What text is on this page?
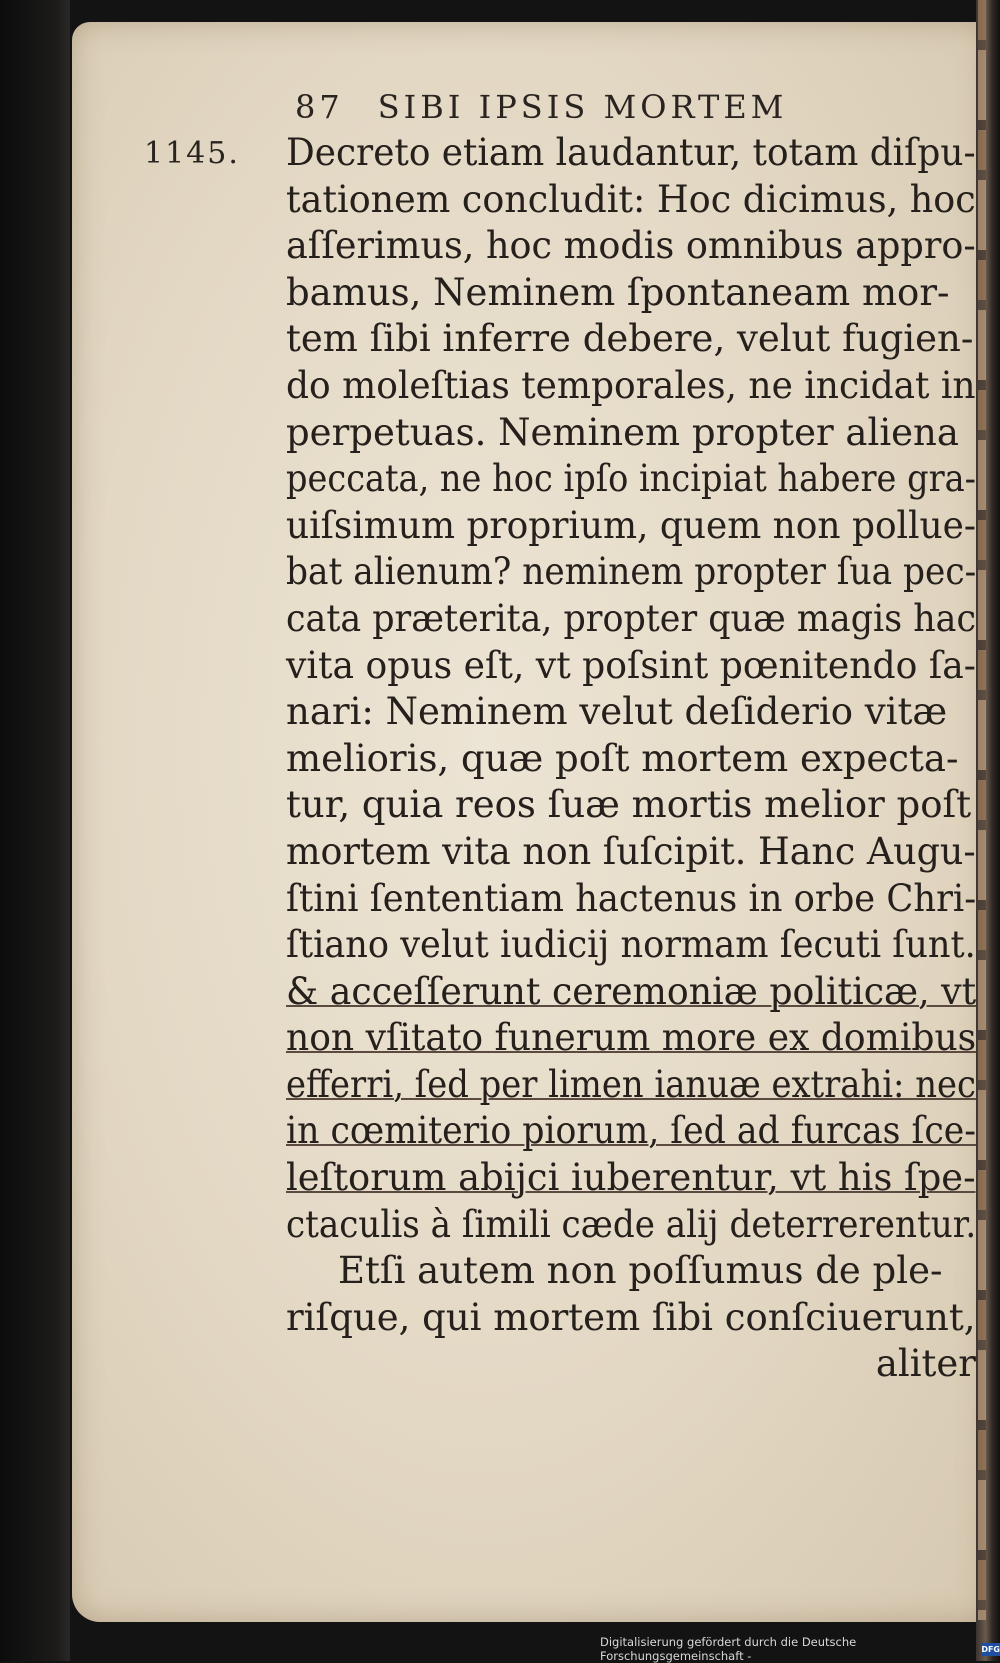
87 SIBI IPSIS MORTEM
1145. Decreto etiam laudantur, totam diſpu-
tationem concludit: Hoc dicimus, hoc
aſſerimus, hoc modis omnibus appro-
bamus, Neminem ſpontaneam mor-
tem ſibi inferre debere, velut fugien-
do moleſtias temporales, ne incidat in
perpetuas. Neminem propter aliena
peccata, ne hoc ipſo incipiat habere gra-
uiſsimum proprium, quem non pollue-
bat alienum? neminem propter ſua pec-
cata præterita, propter quæ magis hac
vita opus eſt, vt poſsint pœnitendo ſa-
nari: Neminem velut deſiderio vitæ
melioris, quæ poſt mortem expecta-
tur, quia reos ſuæ mortis melior poſt
mortem vita non ſuſcipit. Hanc Augu-
ſtini ſententiam hactenus in orbe Chri-
ſtiano velut iudicij normam ſecuti ſunt.
& acceſſerunt ceremoniæ politicæ, vt
non vſitato funerum more ex domibus
efferri, ſed per limen ianuæ extrahi: nec
in cœmiterio piorum, ſed ad furcas ſce-
leſtorum abijci iuberentur, vt his ſpe-
ctaculis à ſimili cæde alij deterrerentur.
Etſi autem non poſſumus de ple-
riſque, qui mortem ſibi conſciuerunt,
aliter
Digitalisierung gefördert durch die Deutsche Forschungsgemeinschaft -	DFG
